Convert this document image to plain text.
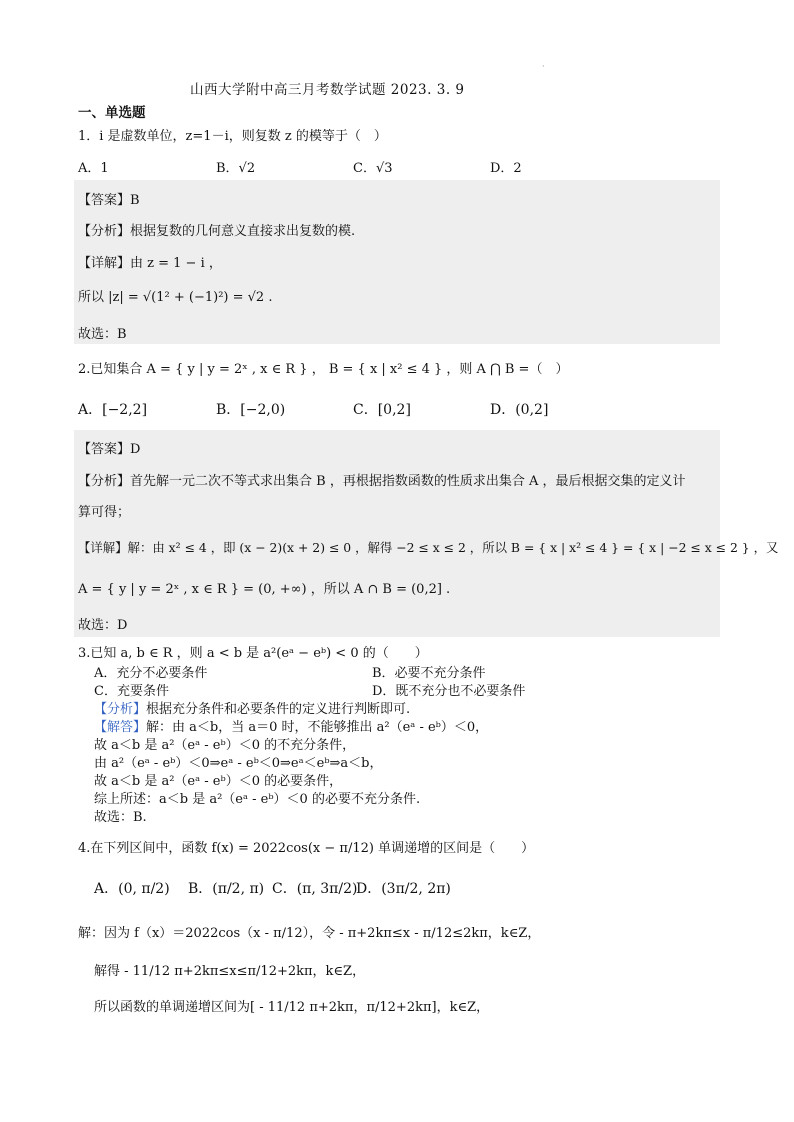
·
山西大学附中高三月考数学试题 2023. 3. 9
一、单选题
1．i 是虚数单位，z=1－i，则复数 z 的模等于（　）
A．1	B．√2	C．√3	D．2
【答案】B
【分析】根据复数的几何意义直接求出复数的模.
【详解】由 z = 1 − i ，
所以 |z| = √(1² + (−1)²) = √2 .
故选：B
2.已知集合 A = { y | y = 2ˣ , x ∈ R } ， B = { x | x² ≤ 4 } ，则 A ⋂ B =（　）
A．[−2,2]	B．[−2,0)	C．[0,2]	D．(0,2]
【答案】D
【分析】首先解一元二次不等式求出集合 B ，再根据指数函数的性质求出集合 A ，最后根据交集的定义计
算可得；
【详解】解：由 x² ≤ 4 ，即 (x − 2)(x + 2) ≤ 0 ，解得 −2 ≤ x ≤ 2 ，所以 B = { x | x² ≤ 4 } = { x | −2 ≤ x ≤ 2 } ，又
A = { y | y = 2ˣ , x ∈ R } = (0, +∞) ，所以 A ∩ B = (0,2] .
故选：D
3.已知 a, b ∈ R ，则 a < b 是 a²(eᵃ − eᵇ) < 0 的（　　）
A．充分不必要条件	B．必要不充分条件
C．充要条件	D．既不充分也不必要条件
【分析】根据充分条件和必要条件的定义进行判断即可.
【解答】解：由 a＜b，当 a＝0 时，不能够推出 a²（eᵃ - eᵇ）＜0，
故 a＜b 是 a²（eᵃ - eᵇ）＜0 的不充分条件，
由 a²（eᵃ - eᵇ）＜0⇒eᵃ - eᵇ＜0⇒eᵃ＜eᵇ⇒a＜b，
故 a＜b 是 a²（eᵃ - eᵇ）＜0 的必要条件，
综上所述：a＜b 是 a²（eᵃ - eᵇ）＜0 的必要不充分条件.
故选：B.
4.在下列区间中，函数 f(x) = 2022cos(x − π/12) 单调递增的区间是（　　）
A．(0, π/2) B．(π/2, π) C．(π, 3π/2)
D．(3π/2, 2π)
解：因为 f（x）＝2022cos（x - π/12），令 - π+2kπ≤x - π/12≤2kπ，k∈Z，
解得 - 11/12 π+2kπ≤x≤π/12+2kπ，k∈Z，
所以函数的单调递增区间为[ - 11/12 π+2kπ，π/12+2kπ]，k∈Z，
